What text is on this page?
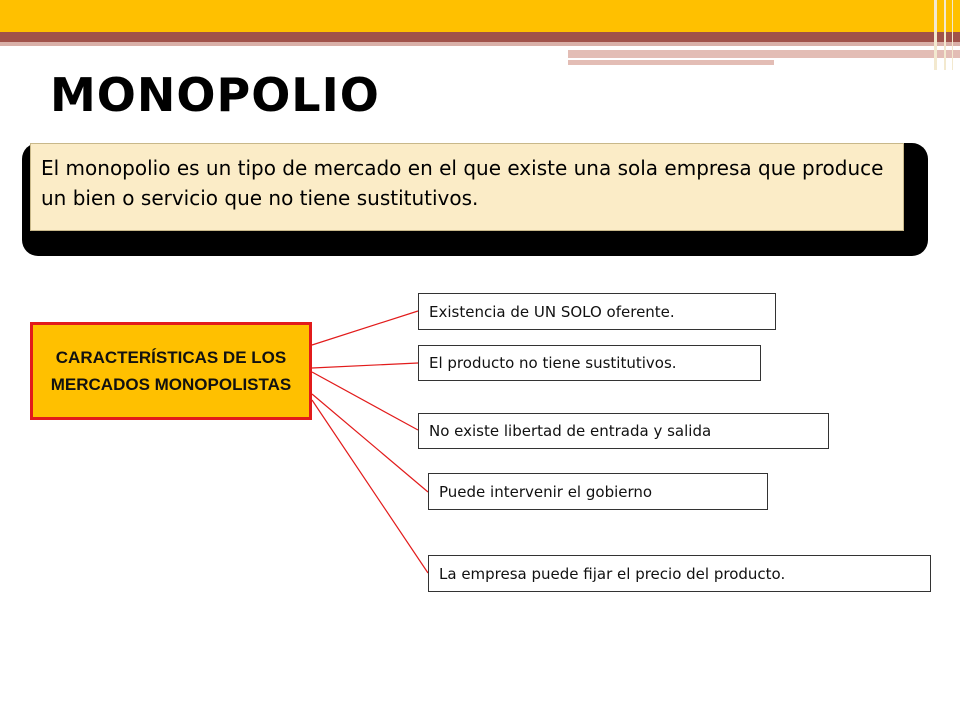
MONOPOLIO
El monopolio es un tipo de mercado en el que existe una sola empresa que produce un bien o servicio que no tiene sustitutivos.
CARACTERÍSTICAS DE LOS MERCADOS MONOPOLISTAS
Existencia de UN SOLO oferente.
El producto no tiene sustitutivos.
No existe libertad de entrada y salida
Puede intervenir el gobierno
La empresa puede fijar el precio del producto.
